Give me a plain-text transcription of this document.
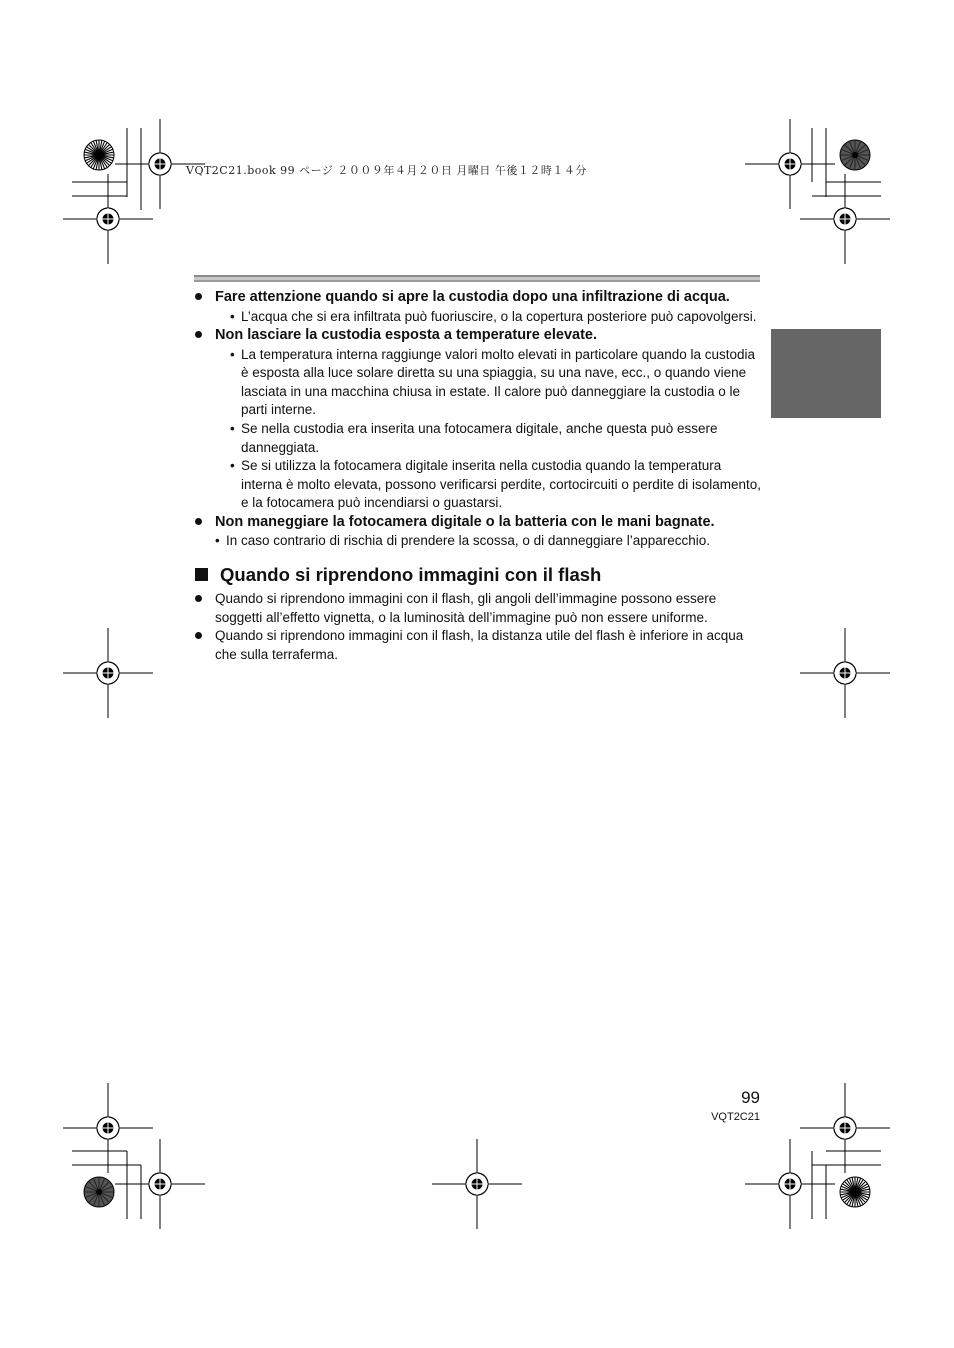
VQT2C21.book 99 ページ ２００９年４月２０日 月曜日 午後１２時１４分
Fare attenzione quando si apre la custodia dopo una infiltrazione di acqua.
• L’acqua che si era infiltrata può fuoriuscire, o la copertura posteriore può capovolgersi.
Non lasciare la custodia esposta a temperature elevate.
• La temperatura interna raggiunge valori molto elevati in particolare quando la custodia è esposta alla luce solare diretta su una spiaggia, su una nave, ecc., o quando viene lasciata in una macchina chiusa in estate. Il calore può danneggiare la custodia o le parti interne.
• Se nella custodia era inserita una fotocamera digitale, anche questa può essere danneggiata.
• Se si utilizza la fotocamera digitale inserita nella custodia quando la temperatura interna è molto elevata, possono verificarsi perdite, cortocircuiti o perdite di isolamento, e la fotocamera può incendiarsi o guastarsi.
Non maneggiare la fotocamera digitale o la batteria con le mani bagnate.
• In caso contrario di rischia di prendere la scossa, o di danneggiare l’apparecchio.
Quando si riprendono immagini con il flash
Quando si riprendono immagini con il flash, gli angoli dell’immagine possono essere soggetti all’effetto vignetta, o la luminosità dell’immagine può non essere uniforme.
Quando si riprendono immagini con il flash, la distanza utile del flash è inferiore in acqua che sulla terraferma.
99
VQT2C21
